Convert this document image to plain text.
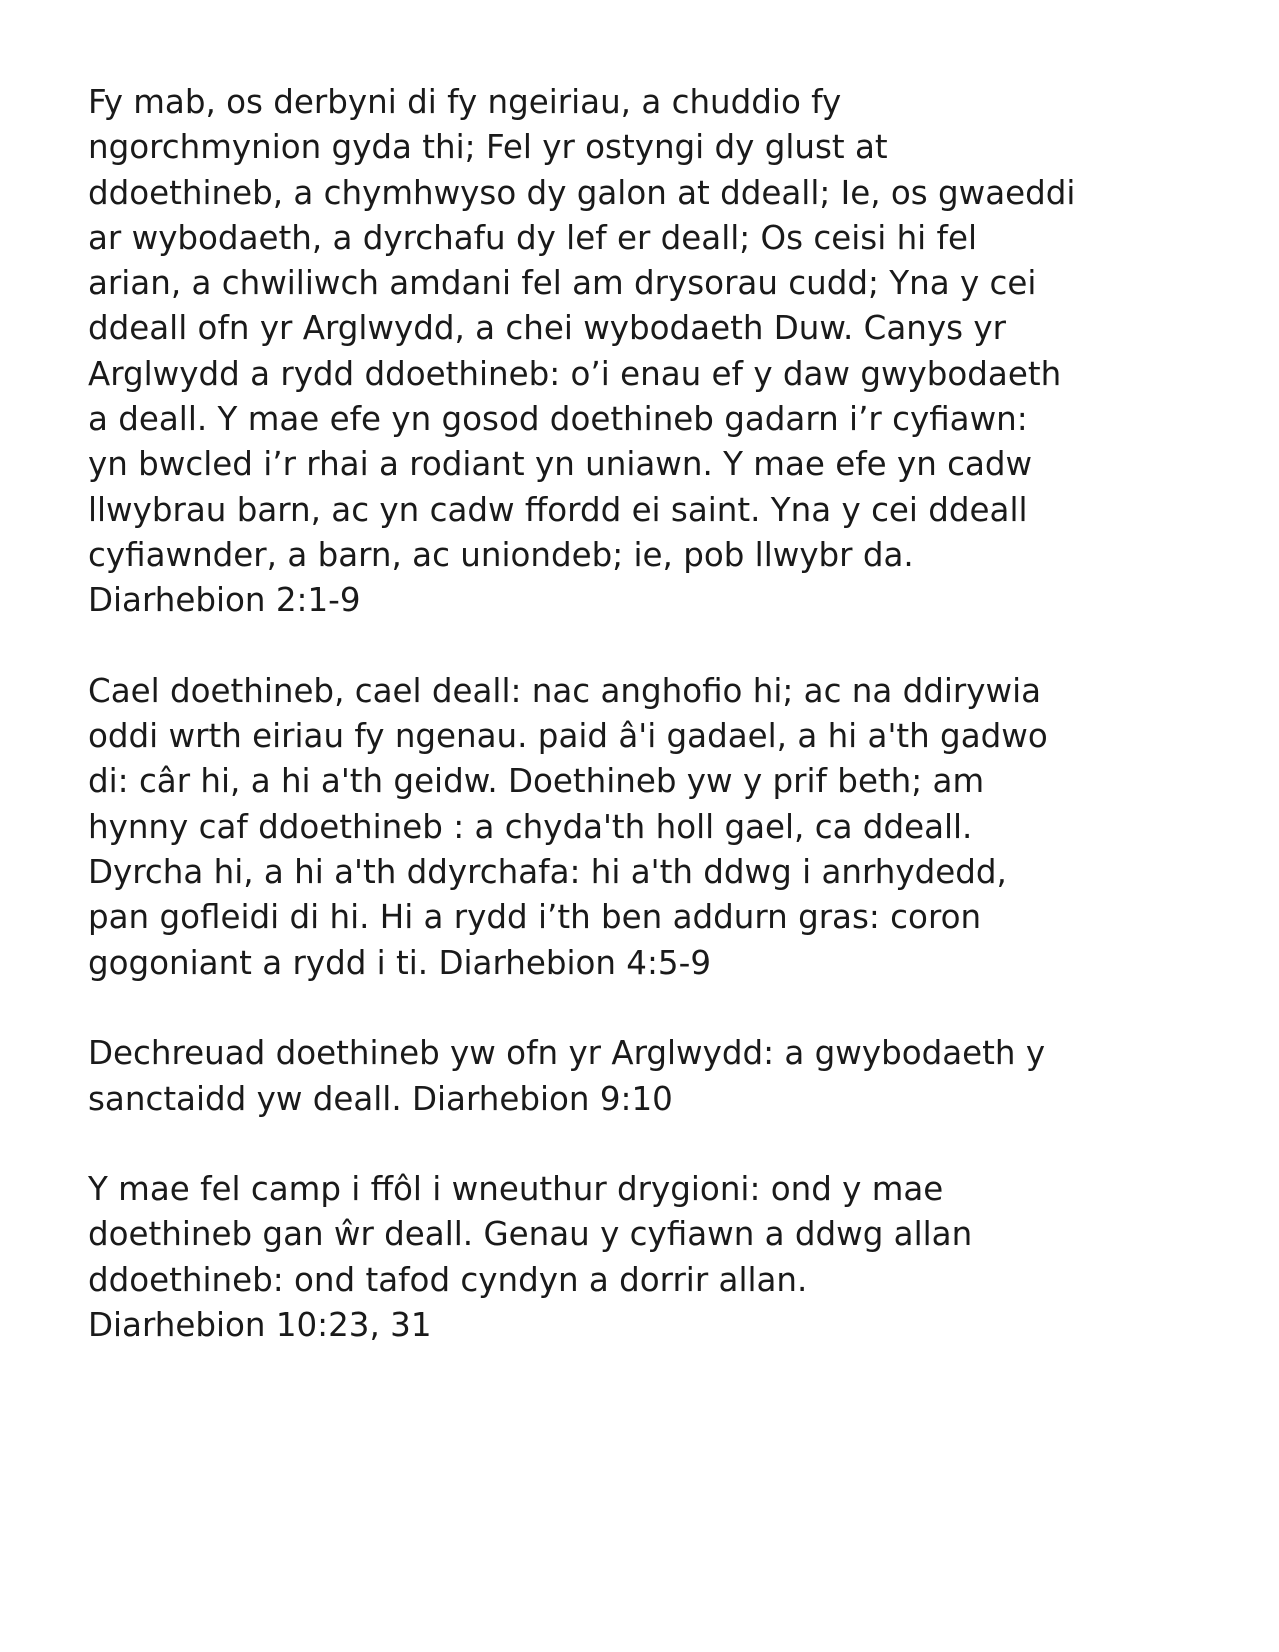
Fy mab, os derbyni di fy ngeiriau, a chuddio fy
ngorchmynion gyda thi; Fel yr ostyngi dy glust at
ddoethineb, a chymhwyso dy galon at ddeall; Ie, os gwaeddi
ar wybodaeth, a dyrchafu dy lef er deall; Os ceisi hi fel
arian, a chwiliwch amdani fel am drysorau cudd; Yna y cei
ddeall ofn yr Arglwydd, a chei wybodaeth Duw. Canys yr
Arglwydd a rydd ddoethineb: o’i enau ef y daw gwybodaeth
a deall. Y mae efe yn gosod doethineb gadarn i’r cyfiawn:
yn bwcled i’r rhai a rodiant yn uniawn. Y mae efe yn cadw
llwybrau barn, ac yn cadw ffordd ei saint. Yna y cei ddeall
cyfiawnder, a barn, ac uniondeb; ie, pob llwybr da.
Diarhebion 2:1-9

Cael doethineb, cael deall: nac anghofio hi; ac na ddirywia
oddi wrth eiriau fy ngenau. paid â'i gadael, a hi a'th gadwo
di: câr hi, a hi a'th geidw. Doethineb yw y prif beth; am
hynny caf ddoethineb : a chyda'th holl gael, ca ddeall.
Dyrcha hi, a hi a'th ddyrchafa: hi a'th ddwg i anrhydedd,
pan gofleidi di hi. Hi a rydd i’th ben addurn gras: coron
gogoniant a rydd i ti. Diarhebion 4:5-9

Dechreuad doethineb yw ofn yr Arglwydd: a gwybodaeth y
sanctaidd yw deall. Diarhebion 9:10

Y mae fel camp i ffôl i wneuthur drygioni: ond y mae
doethineb gan ŵr deall. Genau y cyfiawn a ddwg allan
ddoethineb: ond tafod cyndyn a dorrir allan.
Diarhebion 10:23, 31
